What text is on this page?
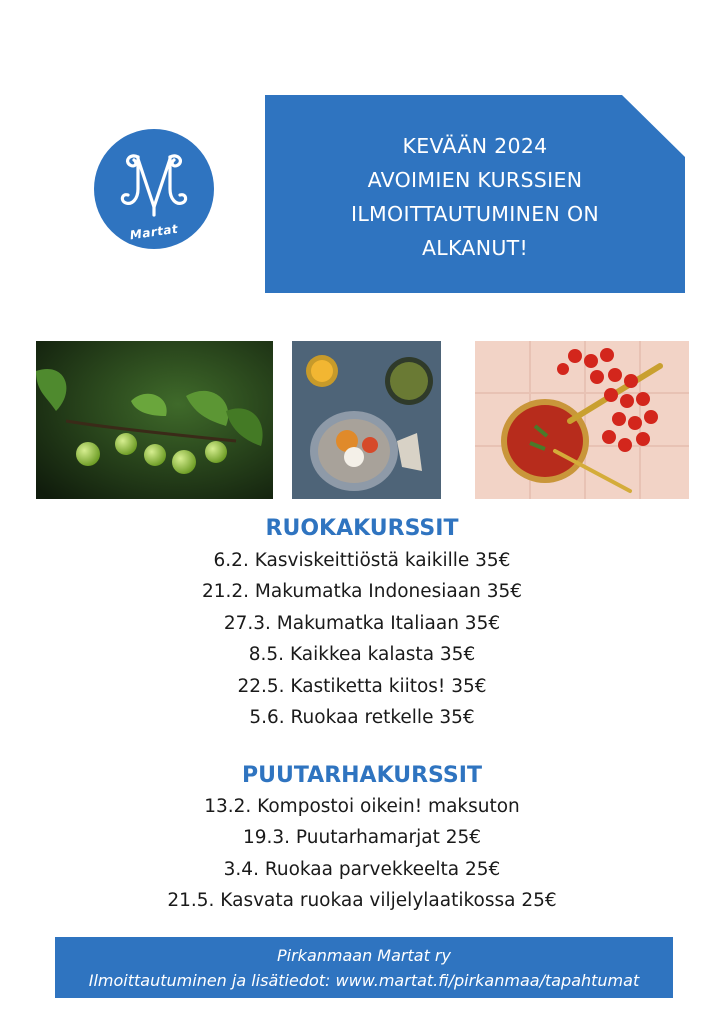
Martat
KEVÄÄN 2024
AVOIMIEN KURSSIEN
ILMOITTAUTUMINEN ON
ALKANUT!
RUOKAKURSSIT
6.2. Kasviskeittiöstä kaikille 35€
21.2. Makumatka Indonesiaan 35€
27.3. Makumatka Italiaan 35€
8.5. Kaikkea kalasta 35€
22.5. Kastiketta kiitos! 35€
5.6. Ruokaa retkelle 35€
PUUTARHAKURSSIT
13.2. Kompostoi oikein! maksuton
19.3. Puutarhamarjat 25€
3.4. Ruokaa parvekkeelta 25€
21.5. Kasvata ruokaa viljelylaatikossa 25€
Pirkanmaan Martat ry
Ilmoittautuminen ja lisätiedot: www.martat.fi/pirkanmaa/tapahtumat
